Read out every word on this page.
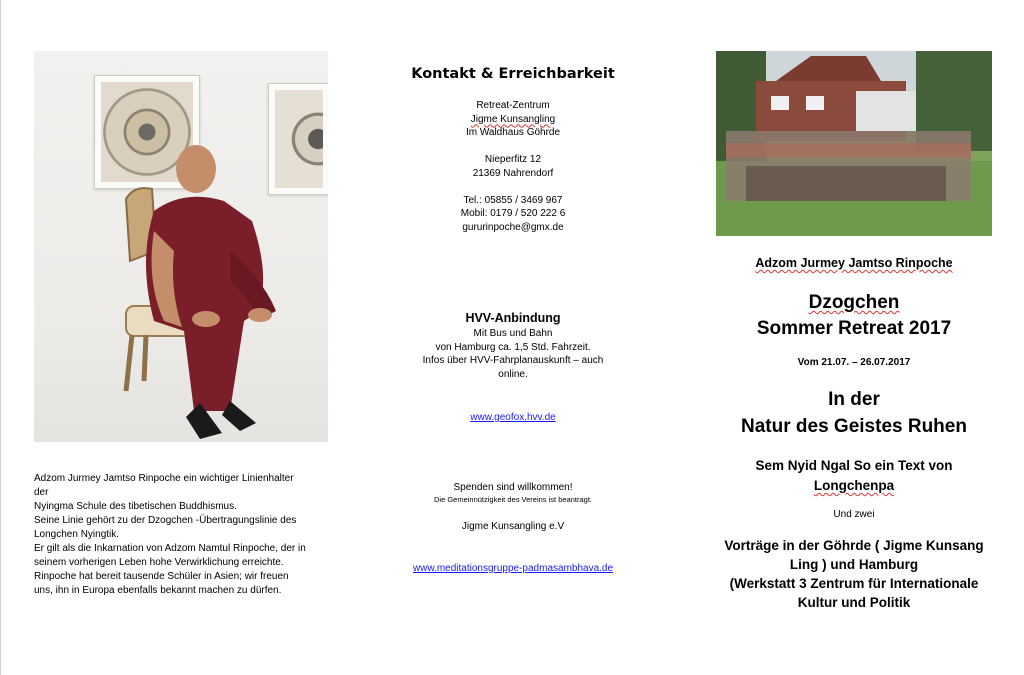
Adzom Jurmey Jamtso Rinpoche ein wichtiger Linienhalter
der
Nyingma Schule des tibetischen Buddhismus.
Seine Linie gehört zu der Dzogchen -Übertragungslinie des
Longchen Nyingtik.
Er gilt als die Inkarnation von Adzom Namtul Rinpoche, der in
seinem vorherigen Leben hohe Verwirklichung erreichte.
Rinpoche hat bereit tausende Schüler in Asien; wir freuen
uns, ihn in Europa ebenfalls bekannt machen zu dürfen.
Kontakt & Erreichbarkeit
Retreat-Zentrum
Jigme Kunsangling
Im Waldhaus Göhrde
Nieperfitz 12
21369 Nahrendorf
Tel.: 05855 / 3469 967
Mobil: 0179 / 520 222 6
gururinpoche@gmx.de
HVV-Anbindung
Mit Bus und Bahn
von Hamburg ca. 1,5 Std. Fahrzeit.
Infos über HVV-Fahrplanauskunft – auch
online.
www.geofox.hvv.de
Spenden sind willkommen!
Die Gemeinnützigkeit des Vereins ist beantragt.
Jigme Kunsangling e.V
www.meditationsgruppe-padmasambhava.de
Adzom Jurmey Jamtso Rinpoche
Dzogchen
Sommer Retreat 2017
Vom 21.07. – 26.07.2017
In der
Natur des Geistes Ruhen
Sem Nyid Ngal So ein Text von
Longchenpa
Und zwei
Vorträge in der Göhrde ( Jigme Kunsang
Ling ) und Hamburg
(Werkstatt 3 Zentrum für Internationale
Kultur und Politik
